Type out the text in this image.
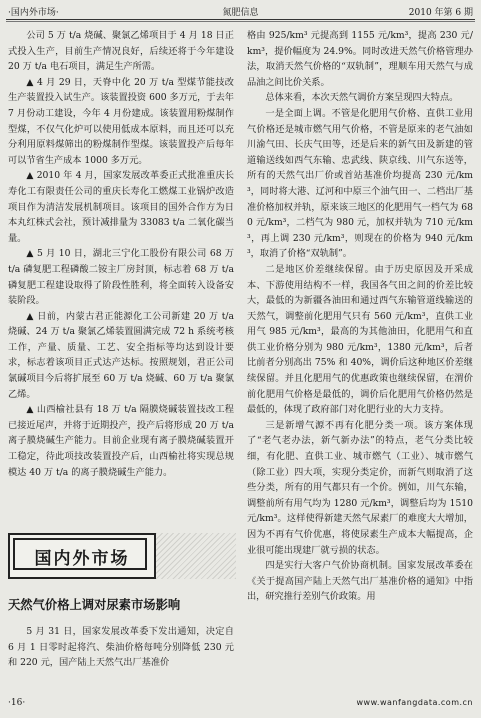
·国内外市场·	氮肥信息	2010 年第 6 期

公司 5 万 t/a 烧碱、聚氯乙烯项目于 4 月 18 日正式投入生产，目前生产情况良好，后续还将于今年建设 20 万 t/a 电石项目，满足生产所需。

▲ 4 月 29 日，天脊中化 20 万 t/a 型煤节能技改生产装置投入试生产。该装置投资 600 多万元，于去年 7 月份动工建设，今年 4 月份建成。该装置用粉煤制作型煤，不仅气化炉可以使用低成本原料，而且还可以充分利用原料煤筛出的粉煤制作型煤。该装置投产后每年可以节省生产成本 1000 多万元。

▲ 2010 年 4 月，国家发展改革委正式批准重庆长寿化工有限责任公司的重庆长寿化工燃煤工业锅炉改造项目作为清洁发展机制项目。该项目的国外合作方为日本丸红株式会社，预计减排量为 33083 t/a 二氧化碳当量。

▲ 5 月 10 日，湖北三宁化工股份有限公司 68 万 t/a 磷复肥工程磷酸二铵主厂房封顶，标志着 68 万 t/a 磷复肥工程建设取得了阶段性胜利，将全面转入设备安装阶段。

▲ 日前，内蒙古君正能源化工公司新建 20 万 t/a 烧碱、24 万 t/a 聚氯乙烯装置圆满完成 72 h 系统考核工作，产量、质量、工艺、安全指标等均达到设计要求，标志着该项目正式达产达标。按照规划，君正公司氯碱项目今后将扩展至 60 万 t/a 烧碱、60 万 t/a 聚氯乙烯。

▲ 山西榆社县有 18 万 t/a 隔膜烧碱装置技改工程已接近尾声，并将于近期投产，投产后将形成 20 万 t/a 离子膜烧碱生产能力。目前企业现有离子膜烧碱装置开工稳定，待此项技改装置投产后，山西榆社将实现总规模达 40 万 t/a 的离子膜烧碱生产能力。

国内外市场
天然气价格上调对尿素市场影响

5 月 31 日，国家发展改革委下发出通知，决定自 6 月 1 日零时起将汽、柴油价格每吨分别降低 230 元和 220 元，国产陆上天然气出厂基准价

格由 925/km³ 元提高到 1155 元/km³，提高 230 元/km³，提价幅度为 24.9%。同时改进天然气价格管理办法，取消天然气价格的“双轨制”，理顺车用天然气与成品油之间比价关系。

总体来看，本次天然气调价方案呈现四大特点。

一是全面上调。不管是化肥用气价格、直供工业用气价格还是城市燃气用气价格，不管是原来的老气油如川渝气田、长庆气田等，还是后来的新气田及新建的管道输送线如西气东输、忠武线、陕京线、川气东送等，所有的天然气出厂价或首站基准价均提高 230 元/km³，同时将大港、辽河和中原三个油气田一、二档出厂基准价格加权并轨，原来该三地区的化肥用气一档气为 680 元/km³，二档气为 980 元，加权并轨为 710 元/km³，再上调 230 元/km³，则现在的价格为 940 元/km³，取消了价格“双轨制”。

二是地区价差继续保留。由于历史原因及开采成本、下游使用结构不一样，我国各气田之间的价差比较大，最低的为新疆各油田和通过西气东输管道线输送的天然气，调整前化肥用气只有 560 元/km³，直供工业用气 985 元/km³，最高的为其他油田，化肥用气和直供工业价格分别为 980 元/km³，1380 元/km³，后者比前者分别高出 75% 和 40%，调价后这种地区价差继续保留。并且化肥用气的优惠政策也继续保留，在渭价前化肥用气价格是最低的，调价后化肥用气价格仍然是最低的，体现了政府部门对化肥行业的大力支持。

三是新增气源不再有化肥分类一项。该方案体现了“老气老办法，新气新办法”的特点，老气分类比较细，有化肥、直供工业、城市燃气（工业）、城市燃气（除工业）四大项，实现分类定价，而新气则取消了这些分类，所有的用气都只有一个价。例如，川气东输，调整前所有用气均为 1280 元/km³，调整后均为 1510 元/km³。这样使得新建天然气尿素厂的难度大大增加，因为不再有气价优惠，将使尿素生产成本大幅提高，企业很可能出现建厂就亏损的状态。

四是实行大客户气价协商机制。国家发展改革委在《关于提高国产陆上天然气出厂基准价格的通知》中指出，研究推行差别气价政策。用

·16·	www.wanfangdata.com.cn
